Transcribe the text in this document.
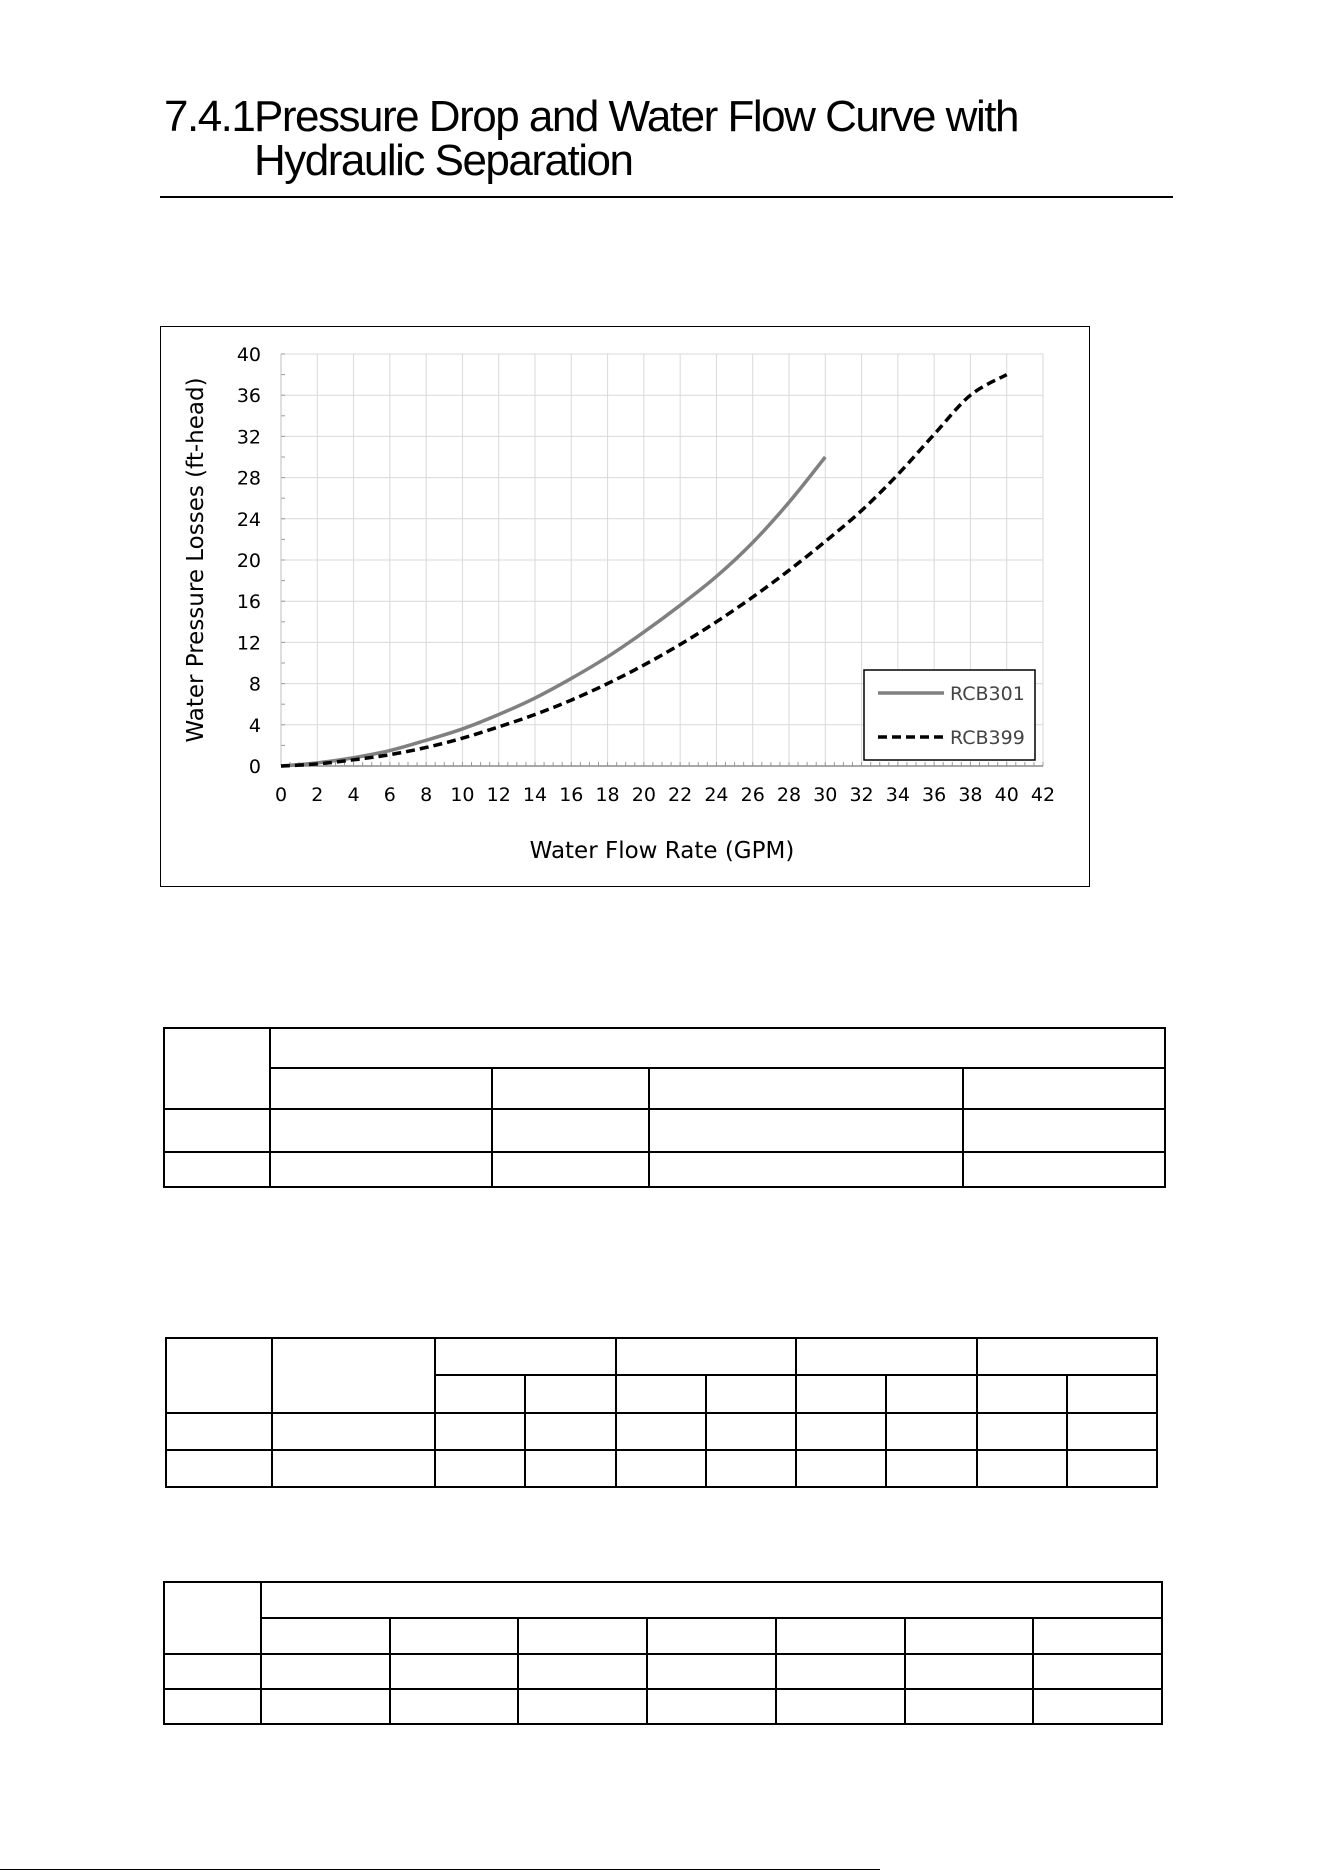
7.4.1 Pressure Drop and Water Flow Curve with
Hydraulic Separation
0 2 4 6 8 10 12 14 16 18 20 22 24 26 28 30 32 34 36 38 40 42
0
4
8
12
16
20
24
28
32
36
40
Water Flow Rate (GPM)
Water Pressure Losses (ft-head)	RCB301
RCB399
